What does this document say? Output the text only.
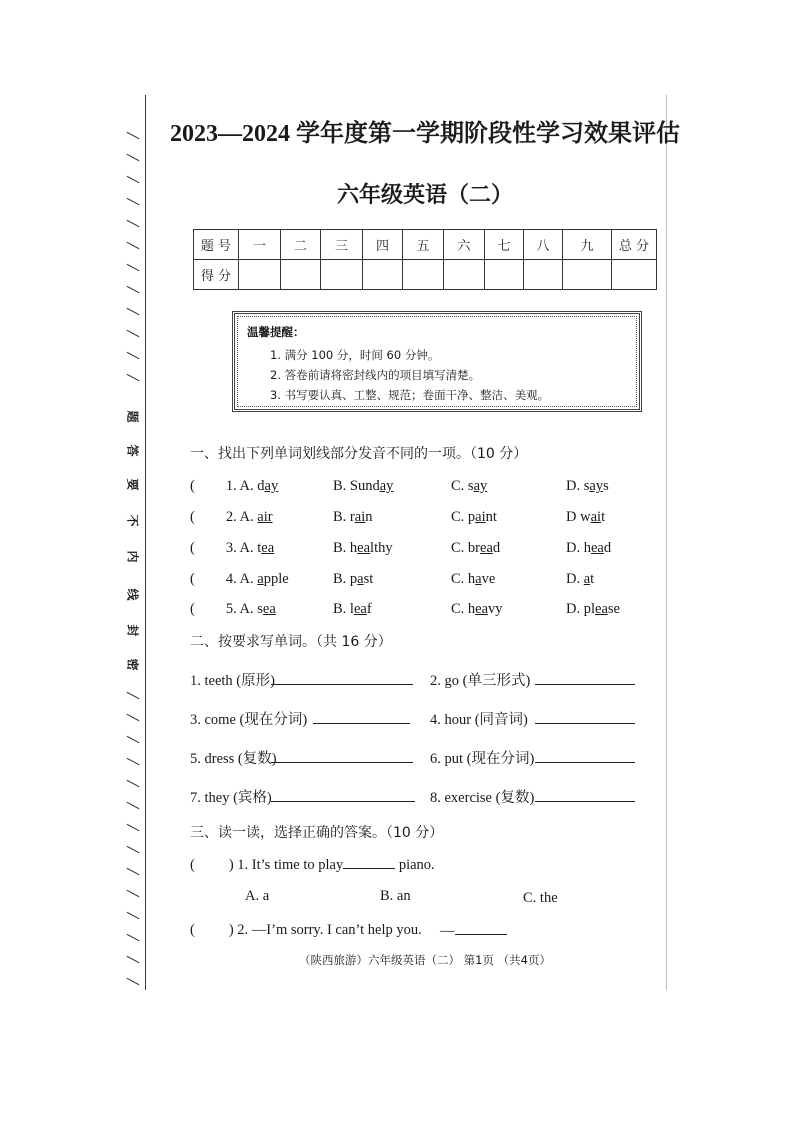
题
答
要
不
内
线
封
密
2023—2024 学年度第一学期阶段性学习效果评估
六年级英语（二）
题 号	一	二	三	四	五	六	七	八	九	总 分
得 分										
温馨提醒：
1. 满分 100 分，时间 60 分钟。
2. 答卷前请将密封线内的项目填写清楚。
3. 书写要认真、工整、规范；卷面干净、整洁、美观。
一、找出下列单词划线部分发音不同的一项。（10 分）
( 1. A. day	B. Sunday	C. say	D. says
( 2. A. air	B. rain	C. paint	D wait
( 3. A. tea	B. healthy	C. bread	D. head
( 4. A. apple	B. past	C. have	D. at
( 5. A. sea	B. leaf	C. heavy	D. please
二、按要求写单词。（共 16 分）
1. teeth (原形)	2. go (单三形式)
3. come (现在分词)	4. hour (同音词)
5. dress (复数)	6. put (现在分词)
7. they (宾格)	8. exercise (复数)
三、读一读，选择正确的答案。（10 分）
( ) 1. It’s time to play	piano.
A. a	B. an	C. the
( ) 2. —I’m sorry. I can’t help you. —
（陕西旅游）六年级英语（二） 第1页 （共4页）
